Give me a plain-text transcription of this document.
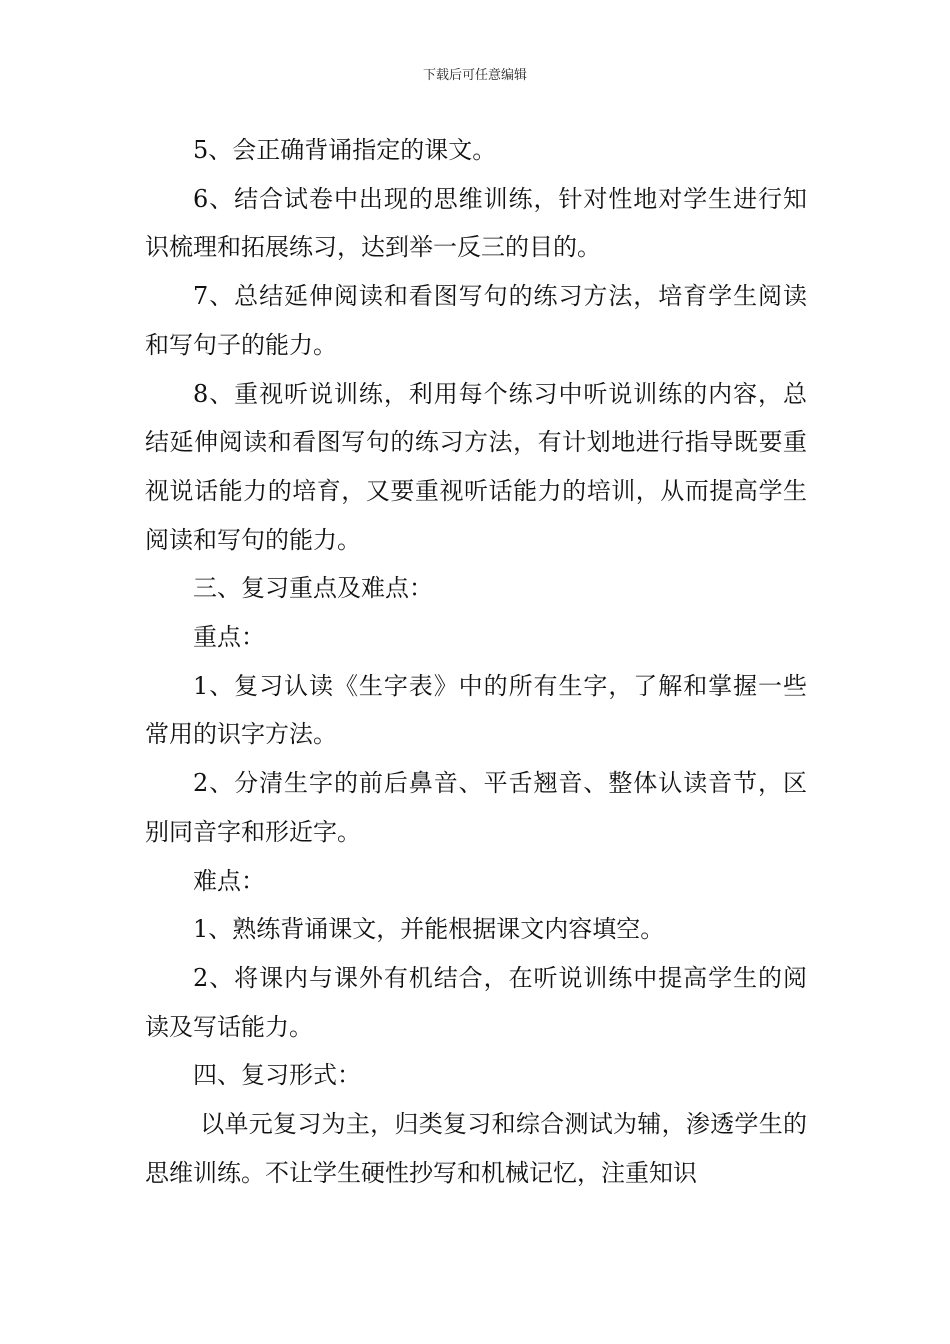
下载后可任意编辑

5、会正确背诵指定的课文。

6、结合试卷中出现的思维训练，针对性地对学生进行知识梳理和拓展练习，达到举一反三的目的。

7、总结延伸阅读和看图写句的练习方法，培育学生阅读和写句子的能力。

8、重视听说训练，利用每个练习中听说训练的内容，总结延伸阅读和看图写句的练习方法，有计划地进行指导既要重视说话能力的培育，又要重视听话能力的培训，从而提高学生阅读和写句的能力。

三、复习重点及难点：

重点：

1、复习认读《生字表》中的所有生字，了解和掌握一些常用的识字方法。

2、分清生字的前后鼻音、平舌翘音、整体认读音节，区别同音字和形近字。

难点：

1、熟练背诵课文，并能根据课文内容填空。

2、将课内与课外有机结合，在听说训练中提高学生的阅读及写话能力。

四、复习形式：

以单元复习为主，归类复习和综合测试为辅，渗透学生的思维训练。不让学生硬性抄写和机械记忆，注重知识
